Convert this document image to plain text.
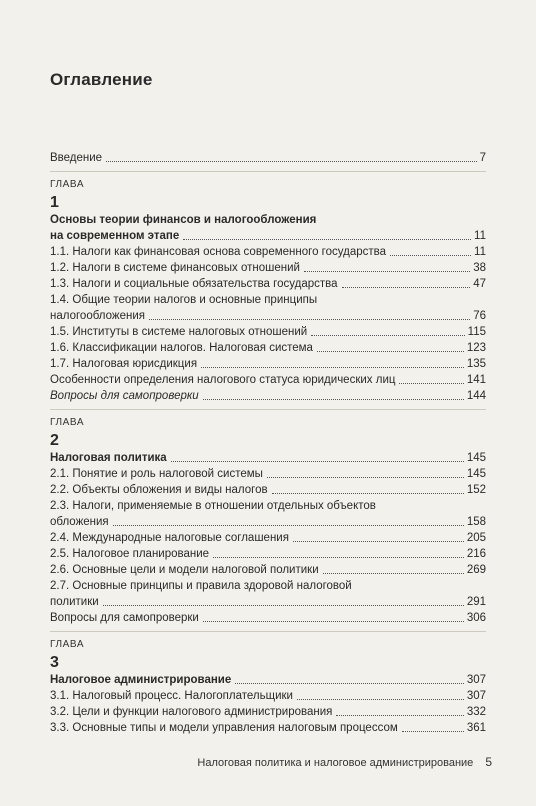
Оглавление
Введение	7
ГЛАВА
1
Основы теории финансов и налогообложения
на современном этапе	11
1.1. Налоги как финансовая основа современного государства	11
1.2. Налоги в системе финансовых отношений	38
1.3. Налоги и социальные обязательства государства	47
1.4. Общие теории налогов и основные принципы
налогообложения	76
1.5. Институты в системе налоговых отношений	115
1.6. Классификации налогов. Налоговая система	123
1.7. Налоговая юрисдикция	135
Особенности определения налогового статуса юридических лиц	141
Вопросы для самопроверки	144
ГЛАВА
2
Налоговая политика	145
2.1. Понятие и роль налоговой системы	145
2.2. Объекты обложения и виды налогов	152
2.3. Налоги, применяемые в отношении отдельных объектов
обложения	158
2.4. Международные налоговые соглашения	205
2.5. Налоговое планирование	216
2.6. Основные цели и модели налоговой политики	269
2.7. Основные принципы и правила здоровой налоговой
политики	291
Вопросы для самопроверки	306
ГЛАВА
3
Налоговое администрирование	307
3.1. Налоговый процесс. Налогоплательщики	307
3.2. Цели и функции налогового администрирования	332
3.3. Основные типы и модели управления налоговым процессом	361
Налоговая политика и налоговое администрирование 5
